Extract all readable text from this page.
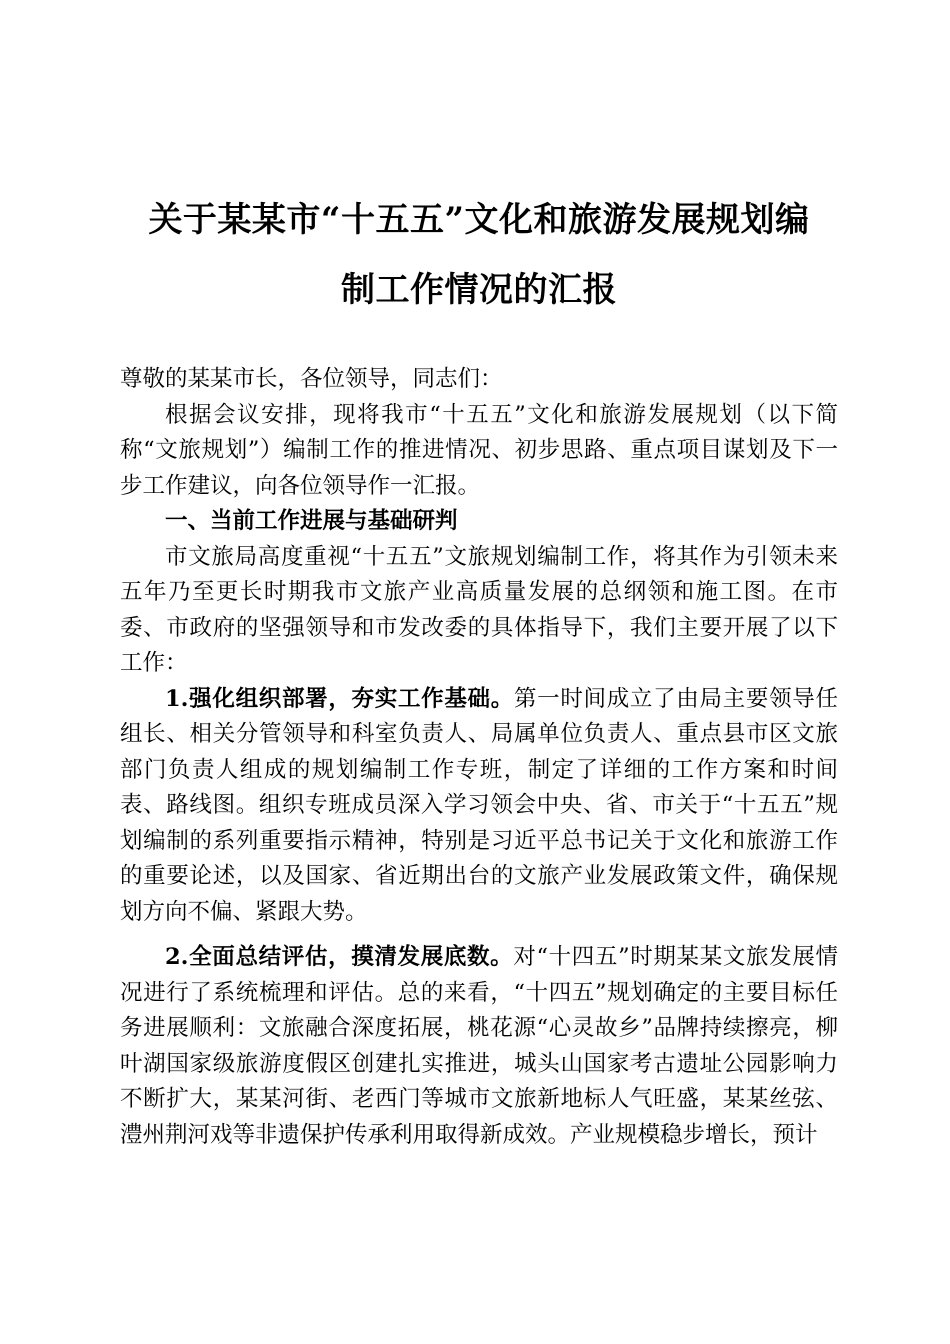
关于某某市“十五五”文化和旅游发展规划编
制工作情况的汇报

尊敬的某某市长，各位领导，同志们：

根据会议安排，现将我市“十五五”文化和旅游发展规划（以下简称“文旅规划”）编制工作的推进情况、初步思路、重点项目谋划及下一步工作建议，向各位领导作一汇报。

一、当前工作进展与基础研判

市文旅局高度重视“十五五”文旅规划编制工作，将其作为引领未来五年乃至更长时期我市文旅产业高质量发展的总纲领和施工图。在市委、市政府的坚强领导和市发改委的具体指导下，我们主要开展了以下工作：

1.强化组织部署，夯实工作基础。第一时间成立了由局主要领导任组长、相关分管领导和科室负责人、局属单位负责人、重点县市区文旅部门负责人组成的规划编制工作专班，制定了详细的工作方案和时间表、路线图。组织专班成员深入学习领会中央、省、市关于“十五五”规划编制的系列重要指示精神，特别是习近平总书记关于文化和旅游工作的重要论述，以及国家、省近期出台的文旅产业发展政策文件，确保规划方向不偏、紧跟大势。

2.全面总结评估，摸清发展底数。对“十四五”时期某某文旅发展情况进行了系统梳理和评估。总的来看，“十四五”规划确定的主要目标任务进展顺利：文旅融合深度拓展，桃花源“心灵故乡”品牌持续擦亮，柳叶湖国家级旅游度假区创建扎实推进，城头山国家考古遗址公园影响力不断扩大，某某河街、老西门等城市文旅新地标人气旺盛，某某丝弦、澧州荆河戏等非遗保护传承利用取得新成效。产业规模稳步增长，预计
